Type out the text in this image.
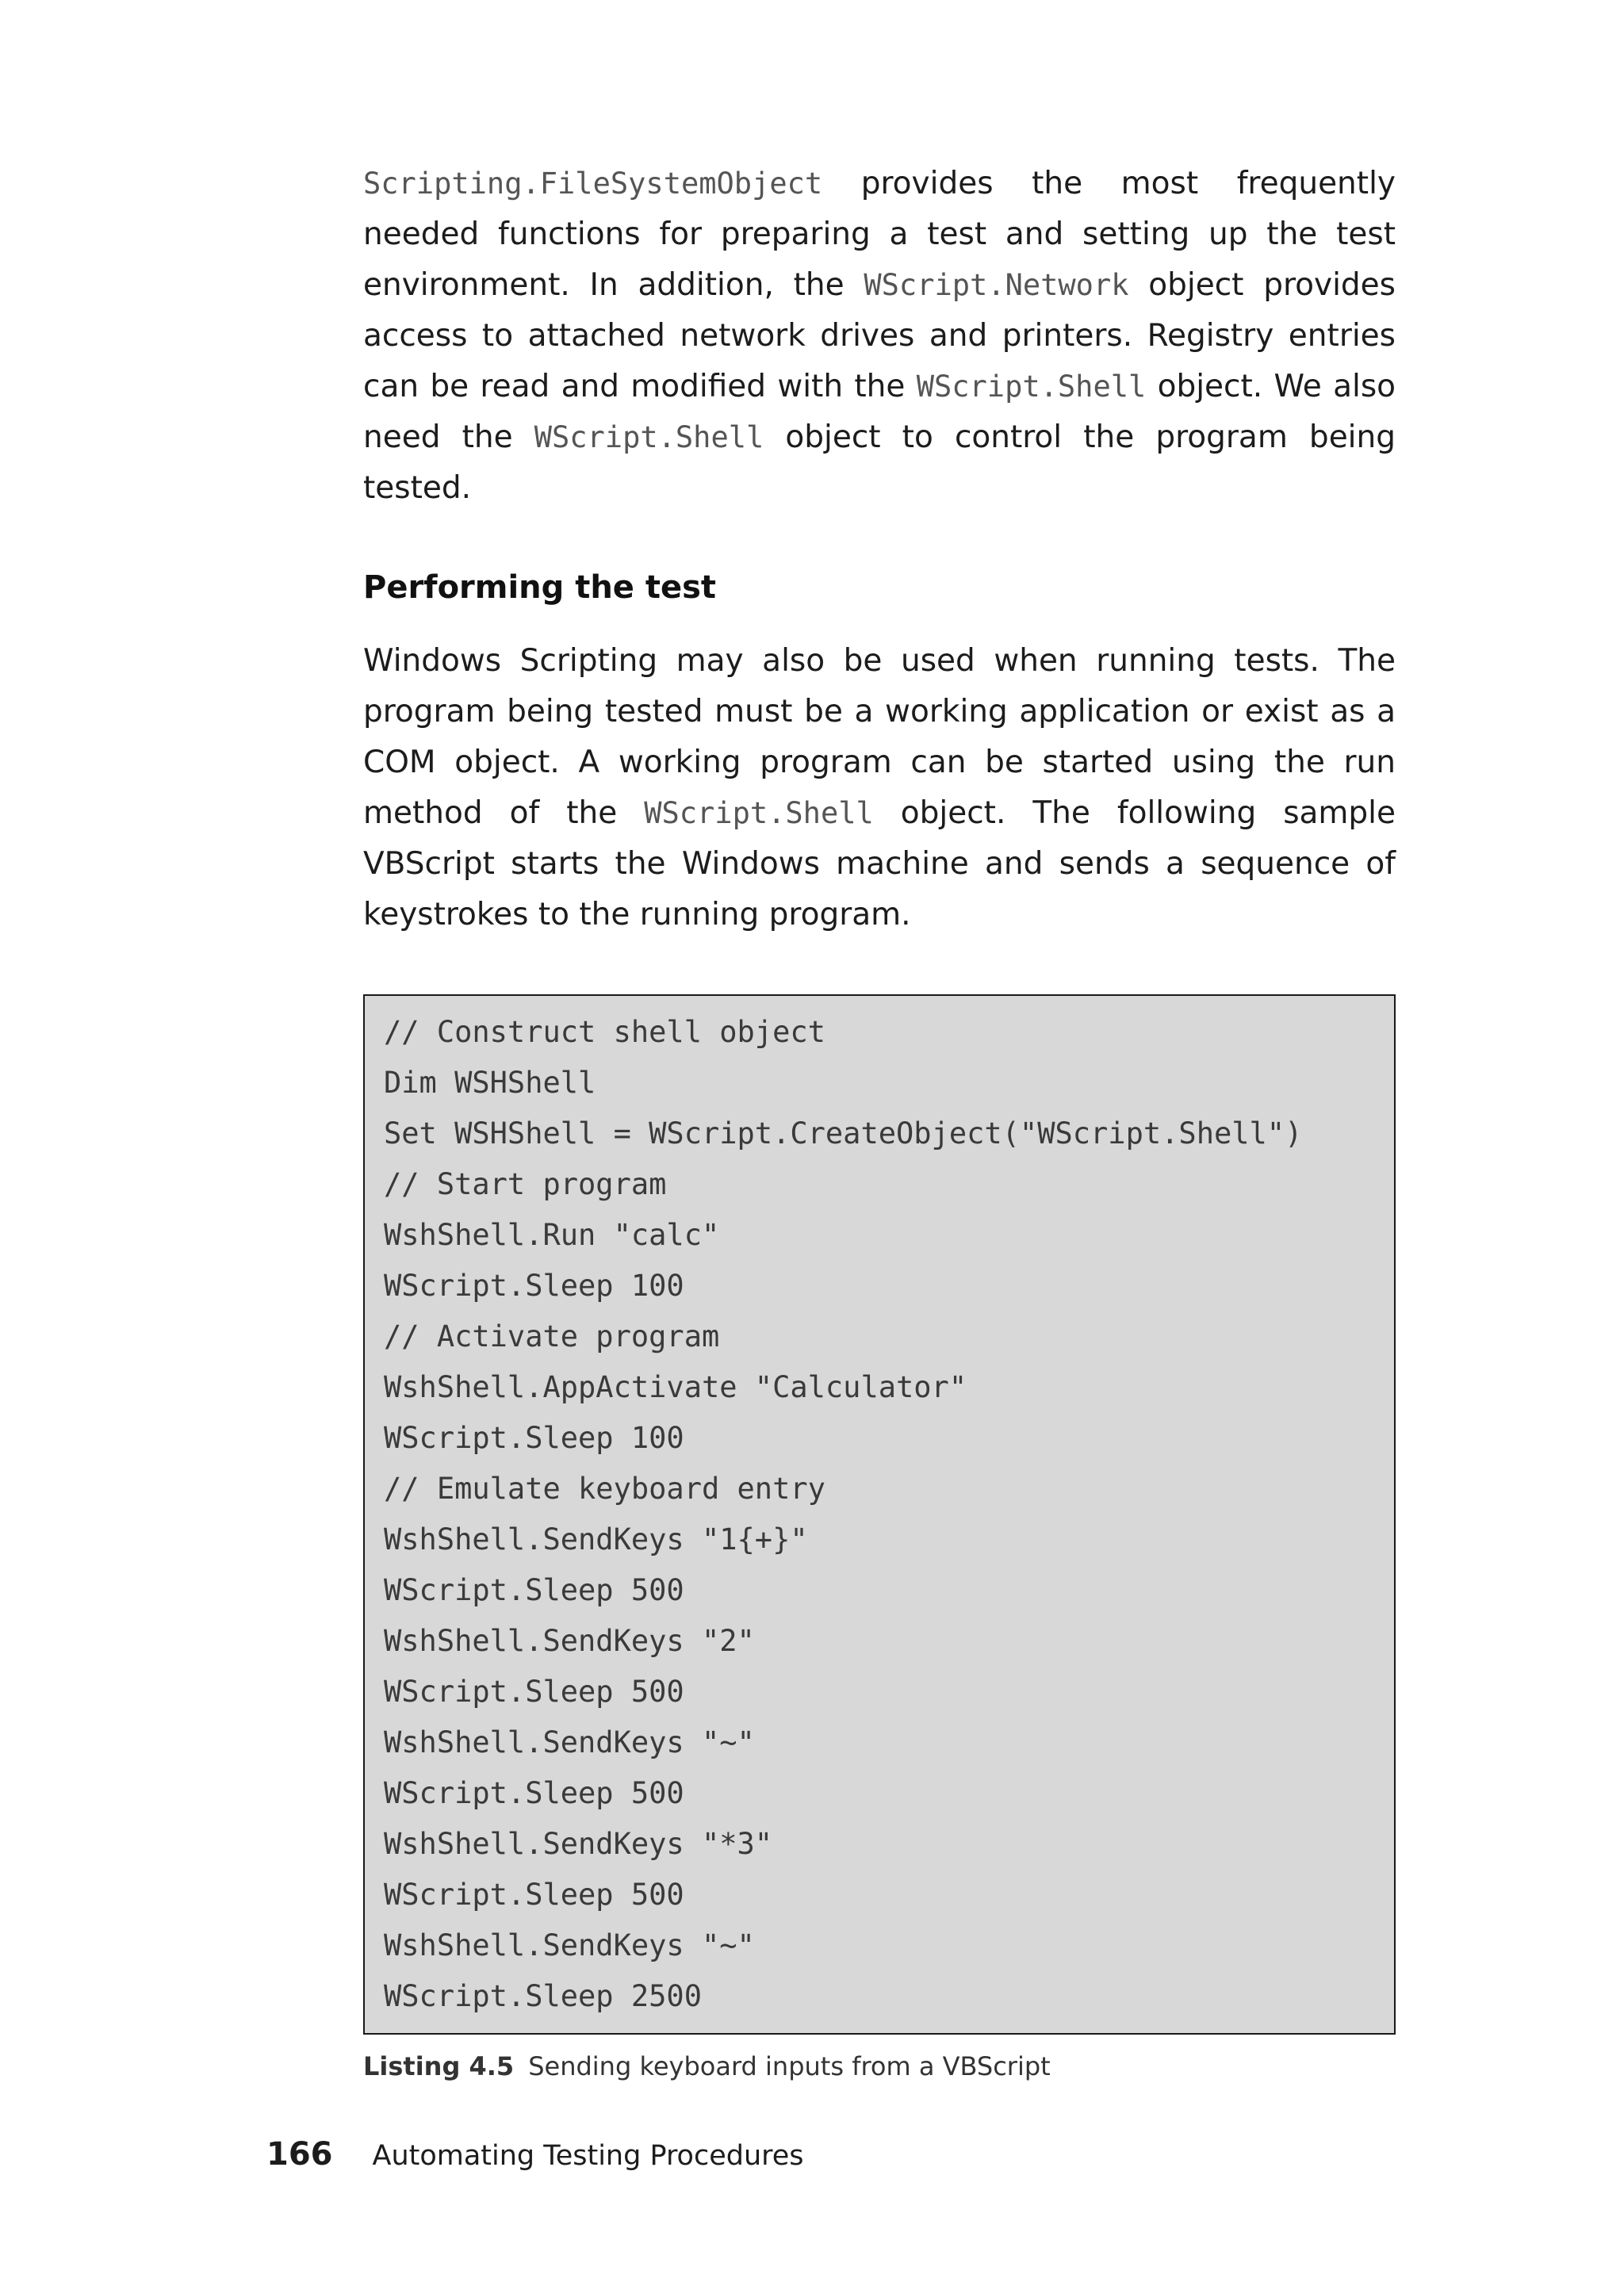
Scripting.FileSystemObject provides the most frequently needed functions for preparing a test and setting up the test environment. In addition, the WScript.Network object provides access to attached network drives and printers. Registry entries can be read and modified with the WScript.Shell object. We also need the WScript.Shell object to control the program being tested.

Performing the test

Windows Scripting may also be used when running tests. The program being tested must be a working application or exist as a COM object. A working program can be started using the run method of the WScript.Shell object. The following sample VBScript starts the Windows machine and sends a sequence of keystrokes to the running program.

// Construct shell object
Dim WSHShell
Set WSHShell = WScript.CreateObject("WScript.Shell")
// Start program
WshShell.Run "calc"
WScript.Sleep 100
// Activate program
WshShell.AppActivate "Calculator"
WScript.Sleep 100
// Emulate keyboard entry
WshShell.SendKeys "1{+}"
WScript.Sleep 500
WshShell.SendKeys "2"
WScript.Sleep 500
WshShell.SendKeys "~"
WScript.Sleep 500
WshShell.SendKeys "*3"
WScript.Sleep 500
WshShell.SendKeys "~"
WScript.Sleep 2500
Listing 4.5 Sending keyboard inputs from a VBScript
166 Automating Testing Procedures
